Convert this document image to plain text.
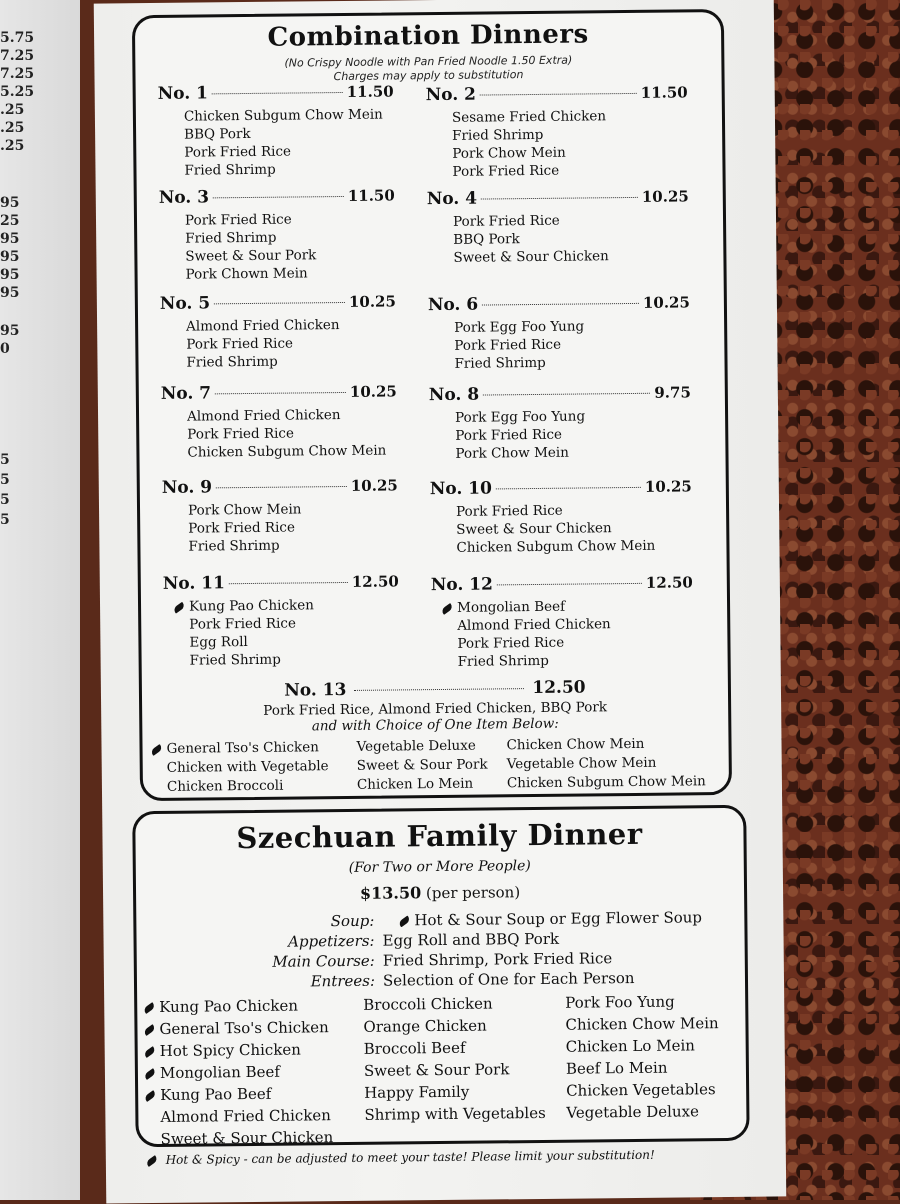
5.75
7.25
7.25
5.25
.25
.25
.25
95
25
95
95
95
95
95
0
5
5
5
5
Combination Dinners
(No Crispy Noodle with Pan Fried Noodle 1.50 Extra)
Charges may apply to substitution
No. 1	11.50
Chicken Subgum Chow Mein
BBQ Pork
Pork Fried Rice
Fried Shrimp
No. 2	11.50
Sesame Fried Chicken
Fried Shrimp
Pork Chow Mein
Pork Fried Rice
No. 3	11.50
Pork Fried Rice
Fried Shrimp
Sweet & Sour Pork
Pork Chown Mein
No. 4	10.25
Pork Fried Rice
BBQ Pork
Sweet & Sour Chicken
No. 5	10.25
Almond Fried Chicken
Pork Fried Rice
Fried Shrimp
No. 6	10.25
Pork Egg Foo Yung
Pork Fried Rice
Fried Shrimp
No. 7	10.25
Almond Fried Chicken
Pork Fried Rice
Chicken Subgum Chow Mein
No. 8	9.75
Pork Egg Foo Yung
Pork Fried Rice
Pork Chow Mein
No. 9	10.25
Pork Chow Mein
Pork Fried Rice
Fried Shrimp
No. 10	10.25
Pork Fried Rice
Sweet & Sour Chicken
Chicken Subgum Chow Mein
No. 11	12.50
Kung Pao Chicken
Pork Fried Rice
Egg Roll
Fried Shrimp
No. 12	12.50
Mongolian Beef
Almond Fried Chicken
Pork Fried Rice
Fried Shrimp
No. 13	12.50
Pork Fried Rice, Almond Fried Chicken, BBQ Pork
and with Choice of One Item Below:
General Tso's Chicken	Vegetable Deluxe	Chicken Chow Mein
Chicken with Vegetable	Sweet & Sour Pork	Vegetable Chow Mein
Chicken Broccoli	Chicken Lo Mein	Chicken Subgum Chow Mein
Szechuan Family Dinner
(For Two or More People)
$13.50 (per person)
Soup:	Hot & Sour Soup or Egg Flower Soup
Appetizers: Egg Roll and BBQ Pork
Main Course: Fried Shrimp, Pork Fried Rice
Entrees: Selection of One for Each Person
Kung Pao Chicken
General Tso's Chicken
Hot Spicy Chicken
Mongolian Beef
Kung Pao Beef
Almond Fried Chicken
Sweet & Sour Chicken
Broccoli Chicken
Orange Chicken
Broccoli Beef
Sweet & Sour Pork
Happy Family
Shrimp with Vegetables
Pork Foo Yung
Chicken Chow Mein
Chicken Lo Mein
Beef Lo Mein
Chicken Vegetables
Vegetable Deluxe
Hot & Spicy - can be adjusted to meet your taste! Please limit your substitution!
